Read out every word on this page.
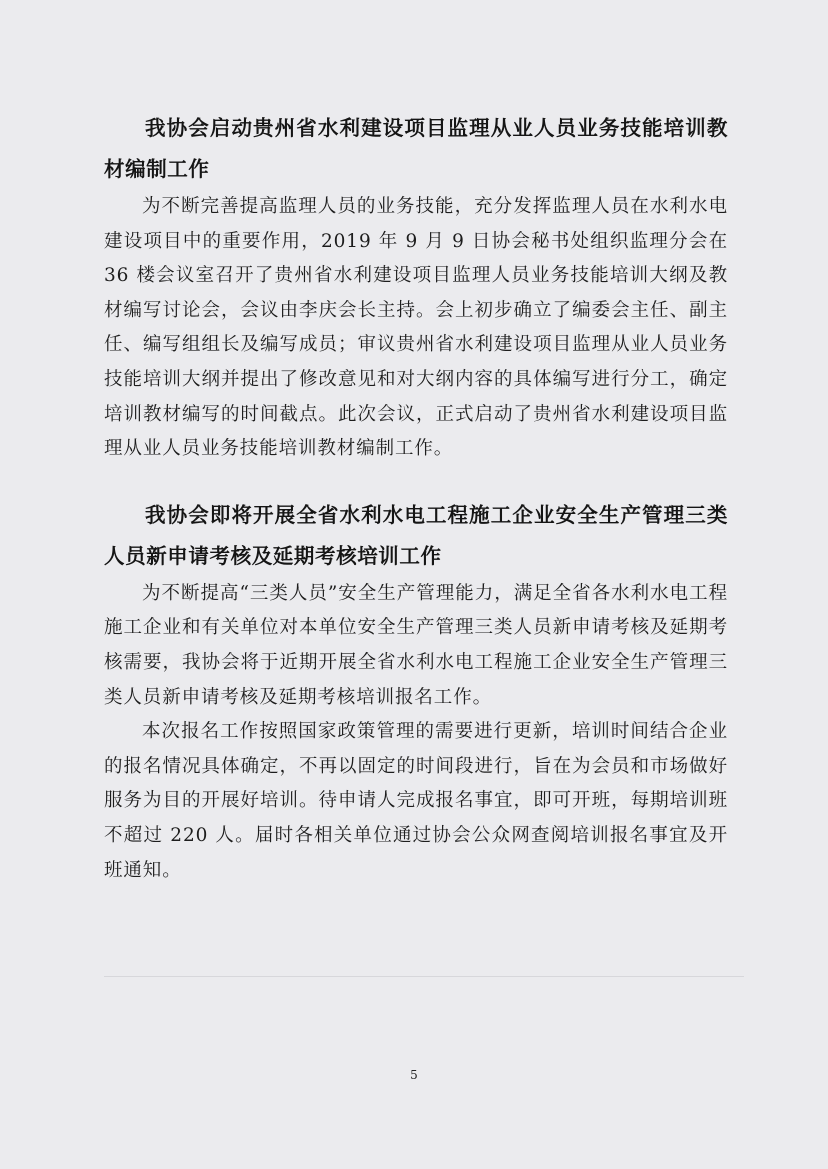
我协会启动贵州省水利建设项目监理从业人员业务技能培训教材编制工作

为不断完善提高监理人员的业务技能，充分发挥监理人员在水利水电建设项目中的重要作用，2019 年 9 月 9 日协会秘书处组织监理分会在 36 楼会议室召开了贵州省水利建设项目监理人员业务技能培训大纲及教材编写讨论会，会议由李庆会长主持。会上初步确立了编委会主任、副主任、编写组组长及编写成员；审议贵州省水利建设项目监理从业人员业务技能培训大纲并提出了修改意见和对大纲内容的具体编写进行分工，确定培训教材编写的时间截点。此次会议，正式启动了贵州省水利建设项目监理从业人员业务技能培训教材编制工作。

我协会即将开展全省水利水电工程施工企业安全生产管理三类人员新申请考核及延期考核培训工作

为不断提高“三类人员”安全生产管理能力，满足全省各水利水电工程施工企业和有关单位对本单位安全生产管理三类人员新申请考核及延期考核需要，我协会将于近期开展全省水利水电工程施工企业安全生产管理三类人员新申请考核及延期考核培训报名工作。

本次报名工作按照国家政策管理的需要进行更新，培训时间结合企业的报名情况具体确定，不再以固定的时间段进行，旨在为会员和市场做好服务为目的开展好培训。待申请人完成报名事宜，即可开班，每期培训班不超过 220 人。届时各相关单位通过协会公众网查阅培训报名事宜及开班通知。

5
